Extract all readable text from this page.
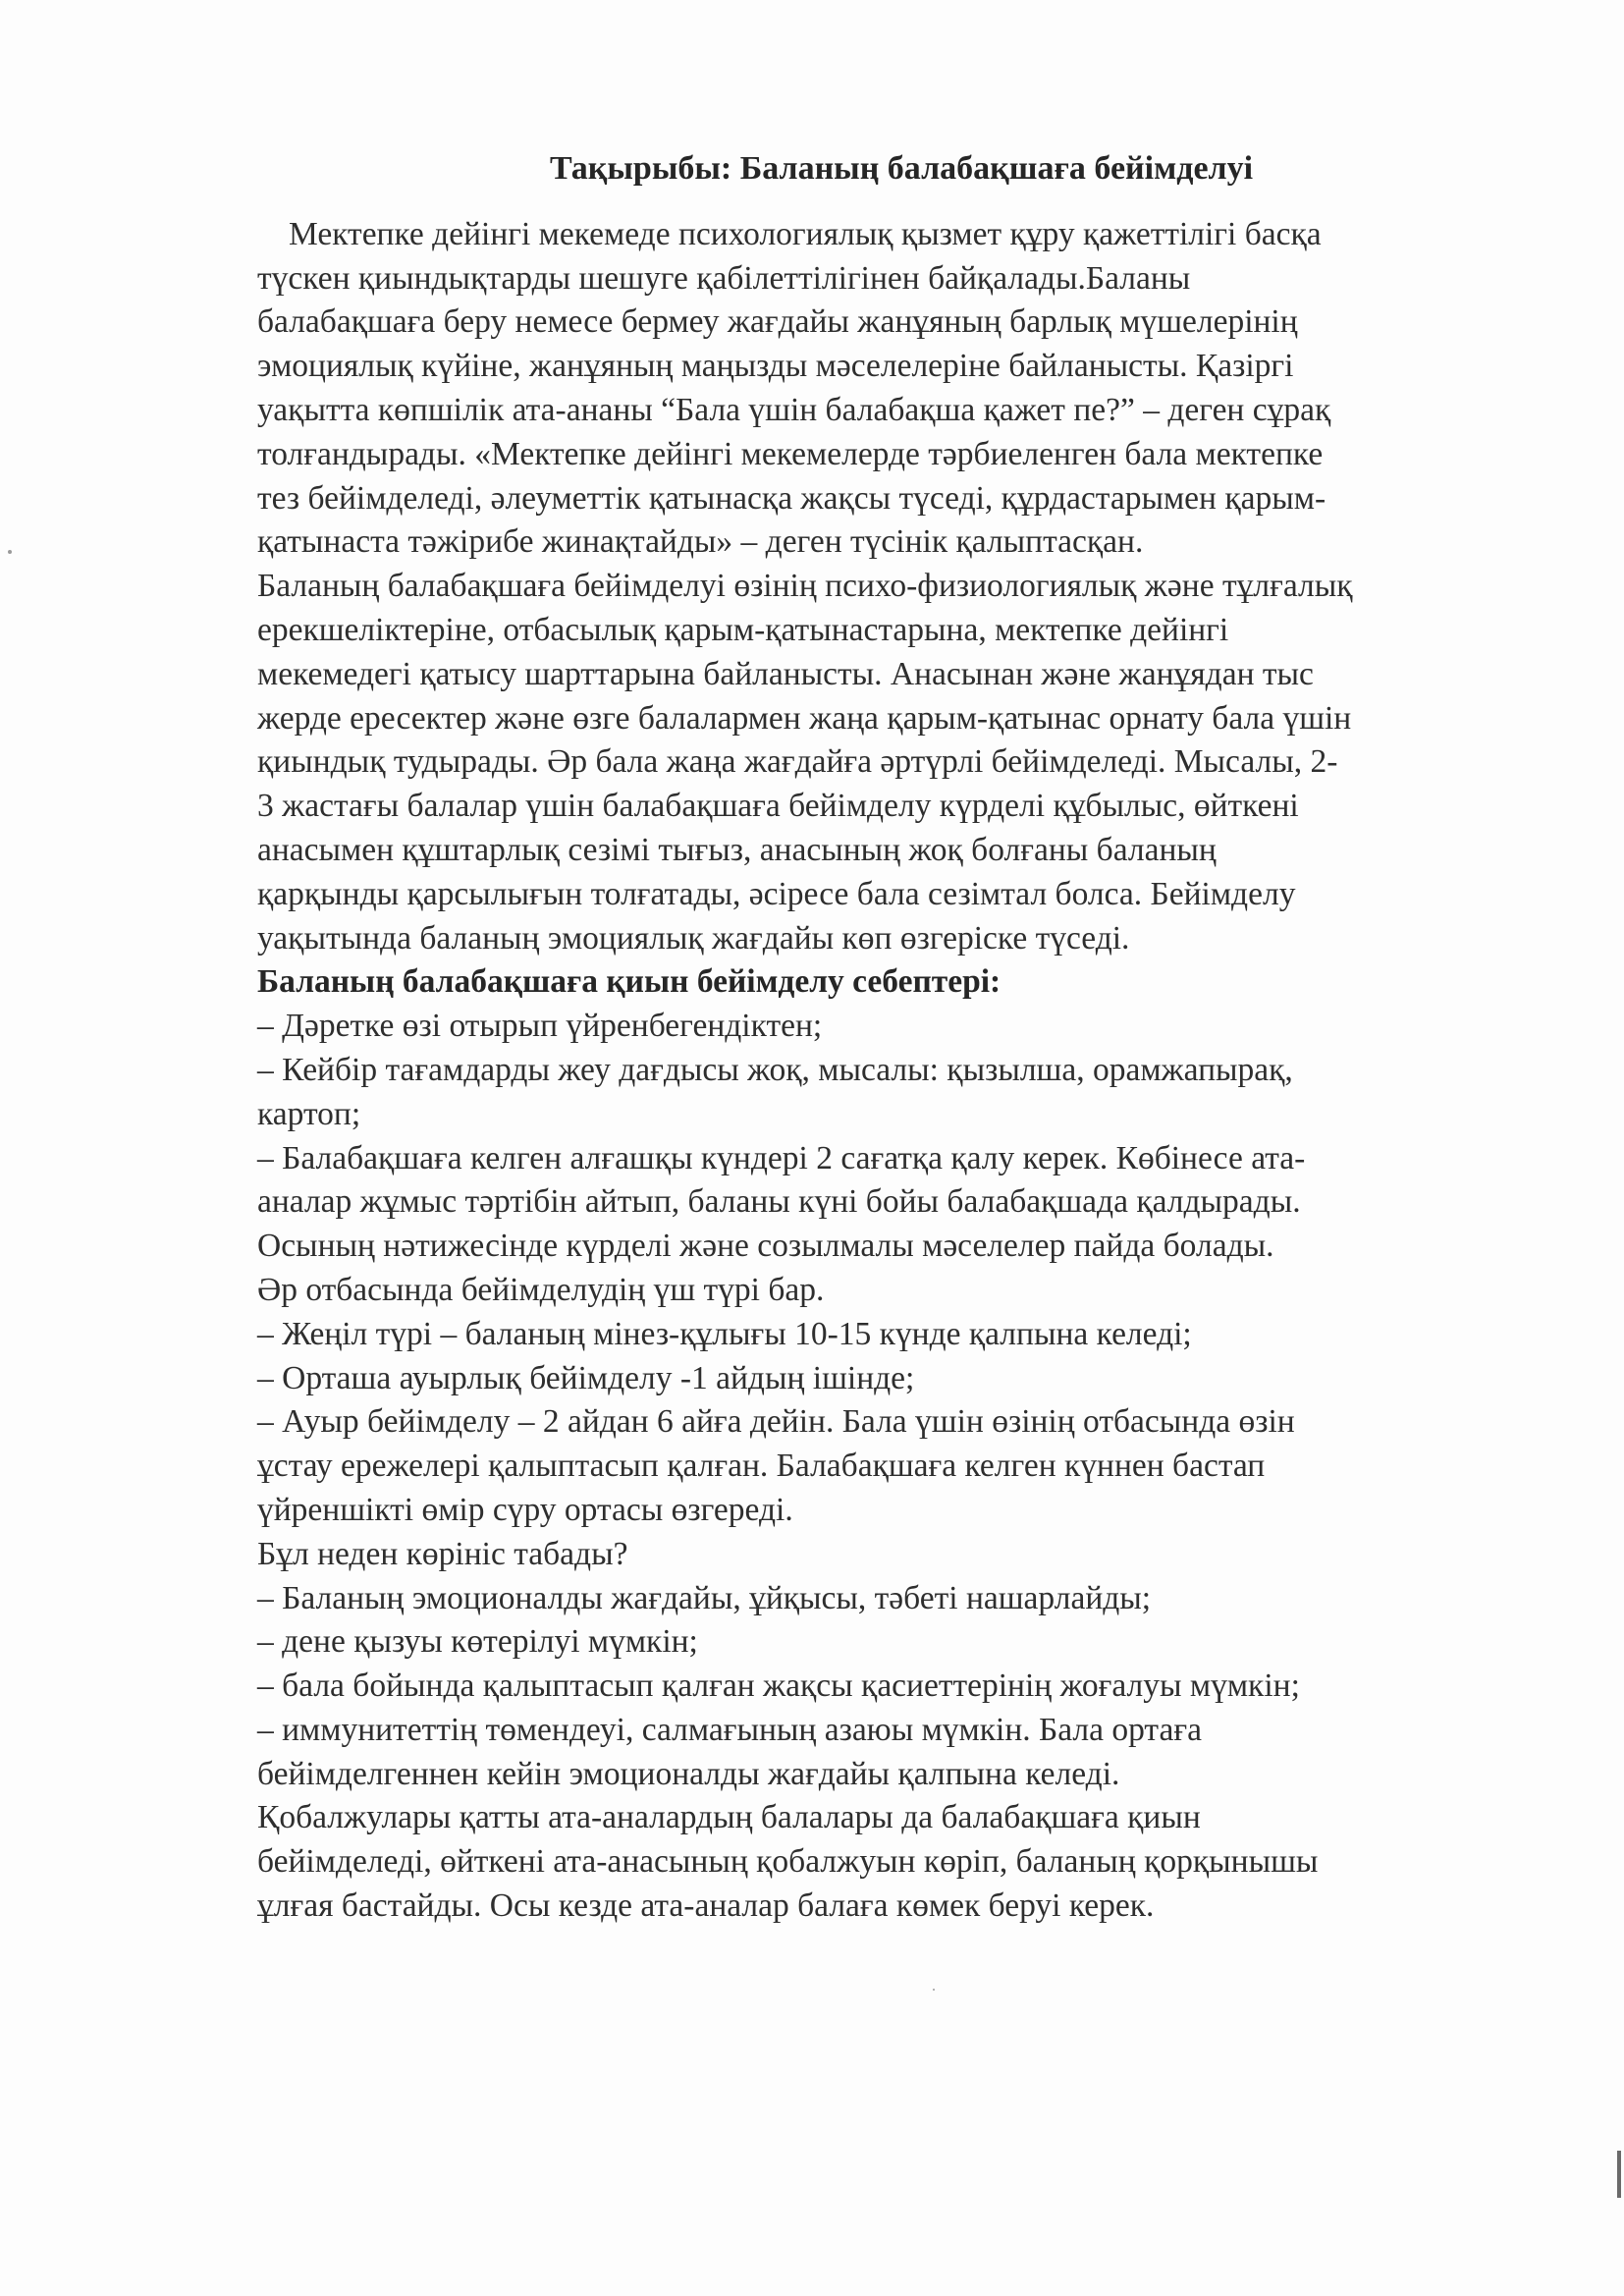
Тақырыбы: Баланың балабақшаға бейімделуі
Мектепке дейінгі мекемеде психологиялық қызмет құру қажеттілігі басқа
түскен қиындықтарды шешуге қабілеттілігінен байқалады.Баланы
балабақшаға беру немесе бермеу жағдайы жанұяның барлық мүшелерінің
эмоциялық күйіне, жанұяның маңызды мәселелеріне байланысты. Қазіргі
уақытта көпшілік ата-ананы “Бала үшін балабақша қажет пе?” – деген сұрақ
толғандырады. «Мектепке дейінгі мекемелерде тәрбиеленген бала мектепке
тез бейімделеді, әлеуметтік қатынасқа жақсы түседі, құрдастарымен қарым-
қатынаста тәжірибе жинақтайды» – деген түсінік қалыптасқан.
Баланың балабақшаға бейімделуі өзінің психо-физиологиялық және тұлғалық
ерекшеліктеріне, отбасылық қарым-қатынастарына, мектепке дейінгі
мекемедегі қатысу шарттарына байланысты. Анасынан және жанұядан тыс
жерде ересектер және өзге балалармен жаңа қарым-қатынас орнату бала үшін
қиындық тудырады. Әр бала жаңа жағдайға әртүрлі бейімделеді. Мысалы, 2-
3 жастағы балалар үшін балабақшаға бейімделу күрделі құбылыс, өйткені
анасымен құштарлық сезімі тығыз, анасының жоқ болғаны баланың
қарқынды қарсылығын толғатады, әсіресе бала сезімтал болса. Бейімделу
уақытында баланың эмоциялық жағдайы көп өзгеріске түседі.
Баланың балабақшаға қиын бейімделу себептері:
– Дәретке өзі отырып үйренбегендіктен;
– Кейбір тағамдарды жеу дағдысы жоқ, мысалы: қызылша, орамжапырақ,
картоп;
– Балабақшаға келген алғашқы күндері 2 сағатқа қалу керек. Көбінесе ата-
аналар жұмыс тәртібін айтып, баланы күні бойы балабақшада қалдырады.
Осының нәтижесінде күрделі және созылмалы мәселелер пайда болады.
Әр отбасында бейімделудің үш түрі бар.
– Жеңіл түрі – баланың мінез-құлығы 10-15 күнде қалпына келеді;
– Орташа ауырлық бейімделу -1 айдың ішінде;
– Ауыр бейімделу – 2 айдан 6 айға дейін. Бала үшін өзінің отбасында өзін
ұстау ережелері қалыптасып қалған. Балабақшаға келген күннен бастап
үйреншікті өмір сүру ортасы өзгереді.
Бұл неден көрініс табады?
– Баланың эмоционалды жағдайы, ұйқысы, тәбеті нашарлайды;
– дене қызуы көтерілуі мүмкін;
– бала бойында қалыптасып қалған жақсы қасиеттерінің жоғалуы мүмкін;
– иммунитеттің төмендеуі, салмағының азаюы мүмкін. Бала ортаға
бейімделгеннен кейін эмоционалды жағдайы қалпына келеді.
Қобалжулары қатты ата-аналардың балалары да балабақшаға қиын
бейімделеді, өйткені ата-анасының қобалжуын көріп, баланың қорқынышы
ұлғая бастайды. Осы кезде ата-аналар балаға көмек беруі керек.
